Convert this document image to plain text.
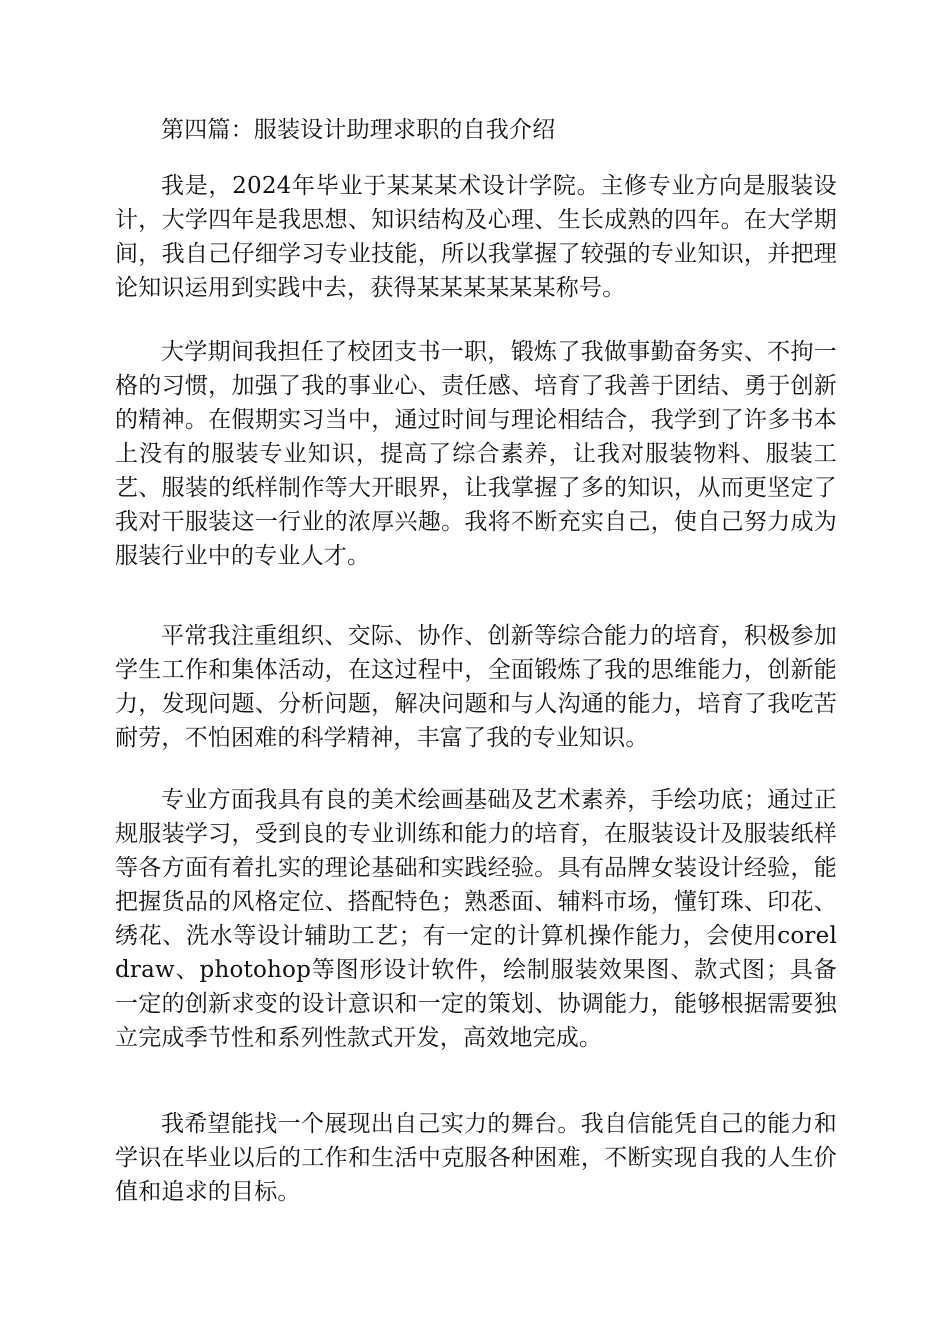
第四篇：服装设计助理求职的自我介绍

我是，2024年毕业于某某某术设计学院。主修专业方向是服装设计，大学四年是我思想、知识结构及心理、生长成熟的四年。在大学期间，我自己仔细学习专业技能，所以我掌握了较强的专业知识，并把理论知识运用到实践中去，获得某某某某某某称号。

大学期间我担任了校团支书一职，锻炼了我做事勤奋务实、不拘一格的习惯，加强了我的事业心、责任感、培育了我善于团结、勇于创新的精神。在假期实习当中，通过时间与理论相结合，我学到了许多书本上没有的服装专业知识，提高了综合素养，让我对服装物料、服装工艺、服装的纸样制作等大开眼界，让我掌握了多的知识，从而更坚定了我对干服装这一行业的浓厚兴趣。我将不断充实自己，使自己努力成为服装行业中的专业人才。

平常我注重组织、交际、协作、创新等综合能力的培育，积极参加学生工作和集体活动，在这过程中，全面锻炼了我的思维能力，创新能力，发现问题、分析问题，解决问题和与人沟通的能力，培育了我吃苦耐劳，不怕困难的科学精神，丰富了我的专业知识。

专业方面我具有良的美术绘画基础及艺术素养，手绘功底；通过正规服装学习，受到良的专业训练和能力的培育，在服装设计及服装纸样等各方面有着扎实的理论基础和实践经验。具有品牌女装设计经验，能把握货品的风格定位、搭配特色；熟悉面、辅料市场，懂钉珠、印花、绣花、洗水等设计辅助工艺；有一定的计算机操作能力，会使用coreldraw、photohop等图形设计软件，绘制服装效果图、款式图；具备一定的创新求变的设计意识和一定的策划、协调能力，能够根据需要独立完成季节性和系列性款式开发，高效地完成。

我希望能找一个展现出自己实力的舞台。我自信能凭自己的能力和学识在毕业以后的工作和生活中克服各种困难，不断实现自我的人生价值和追求的目标。
